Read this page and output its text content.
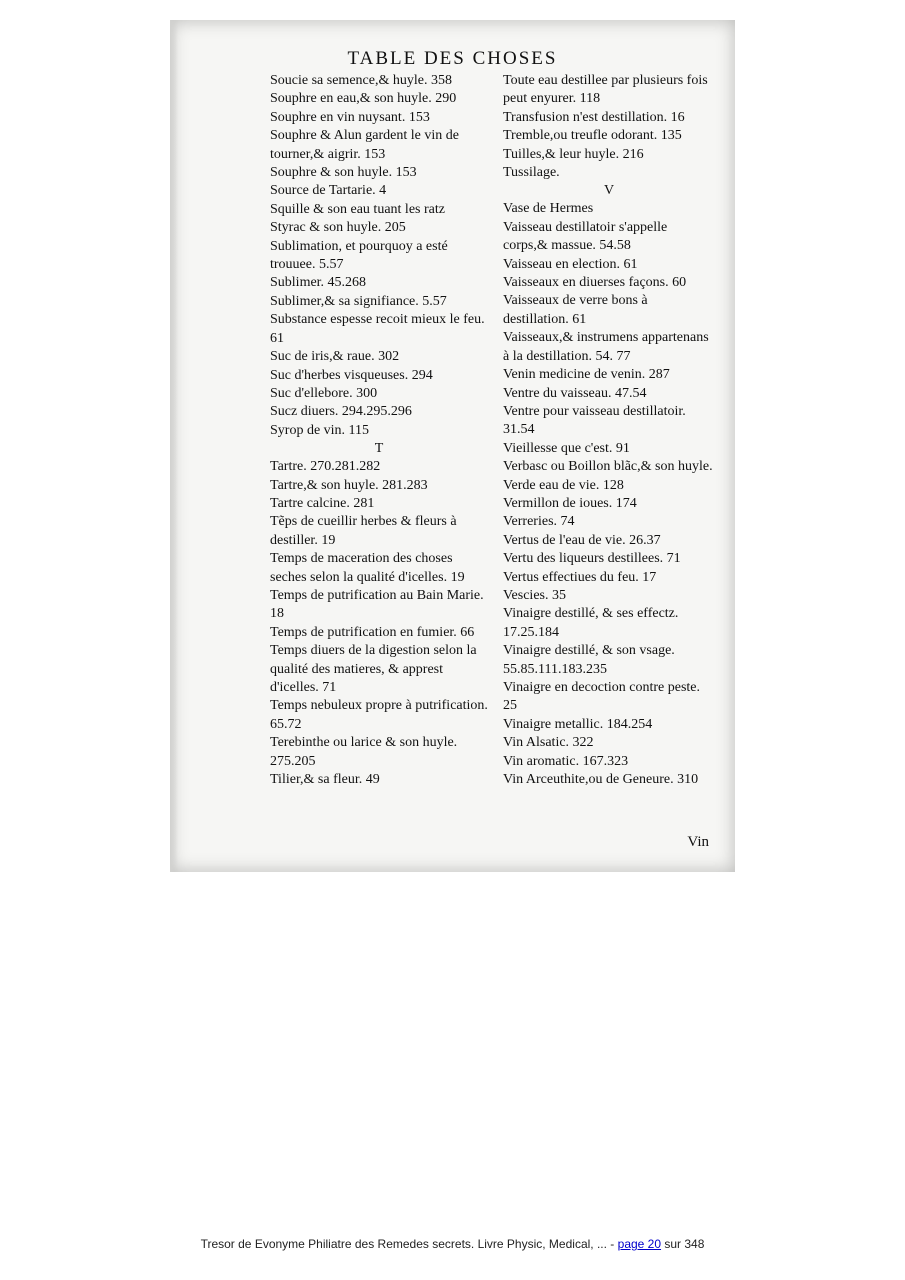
TABLE DES CHOSES

Soucie sa semence,& huyle. 358

Souphre en eau,& son huyle. 290

Souphre en vin nuysant. 153

Souphre & Alun gardent le vin de tourner,& aigrir. 153

Souphre & son huyle. 153

Source de Tartarie. 4

Squille & son eau tuant les ratz

Styrac & son huyle. 205

Sublimation, et pourquoy a esté trouuee. 5.57

Sublimer. 45.268

Sublimer,& sa signifiance. 5.57

Substance espesse recoit mieux le feu. 61

Suc de iris,& raue. 302

Suc d'herbes visqueuses. 294

Suc d'ellebore. 300

Sucz diuers. 294.295.296

Syrop de vin. 115

T

Tartre. 270.281.282

Tartre,& son huyle. 281.283

Tartre calcine. 281

Tẽps de cueillir herbes & fleurs à destiller. 19

Temps de maceration des choses seches selon la qualité d'icelles. 19

Temps de putrification au Bain Marie. 18

Temps de putrification en fumier. 66

Temps diuers de la digestion selon la qualité des matieres, & apprest d'icelles. 71

Temps nebuleux propre à putrification. 65.72

Terebinthe ou larice & son huyle. 275.205

Tilier,& sa fleur. 49

Toute eau destillee par plusieurs fois peut enyurer. 118

Transfusion n'est destillation. 16

Tremble,ou treufle odorant. 135

Tuilles,& leur huyle. 216

Tussilage.

V

Vase de Hermes

Vaisseau destillatoir s'appelle corps,& massue. 54.58

Vaisseau en election. 61

Vaisseaux en diuerses façons. 60

Vaisseaux de verre bons à destillation. 61

Vaisseaux,& instrumens appartenans à la destillation. 54. 77

Venin medicine de venin. 287

Ventre du vaisseau. 47.54

Ventre pour vaisseau destillatoir. 31.54

Vieillesse que c'est. 91

Verbasc ou Boillon blãc,& son huyle.

Verde eau de vie. 128

Vermillon de ioues. 174

Verreries. 74

Vertus de l'eau de vie. 26.37

Vertu des liqueurs destillees. 71

Vertus effectiues du feu. 17

Vescies. 35

Vinaigre destillé, & ses effectz. 17.25.184

Vinaigre destillé, & son vsage. 55.85.111.183.235

Vinaigre en decoction contre peste. 25

Vinaigre metallic. 184.254

Vin Alsatic. 322

Vin aromatic. 167.323

Vin Arceuthite,ou de Geneure. 310

Vin
Tresor de Evonyme Philiatre des Remedes secrets. Livre Physic, Medical, ... - page 20 sur 348
